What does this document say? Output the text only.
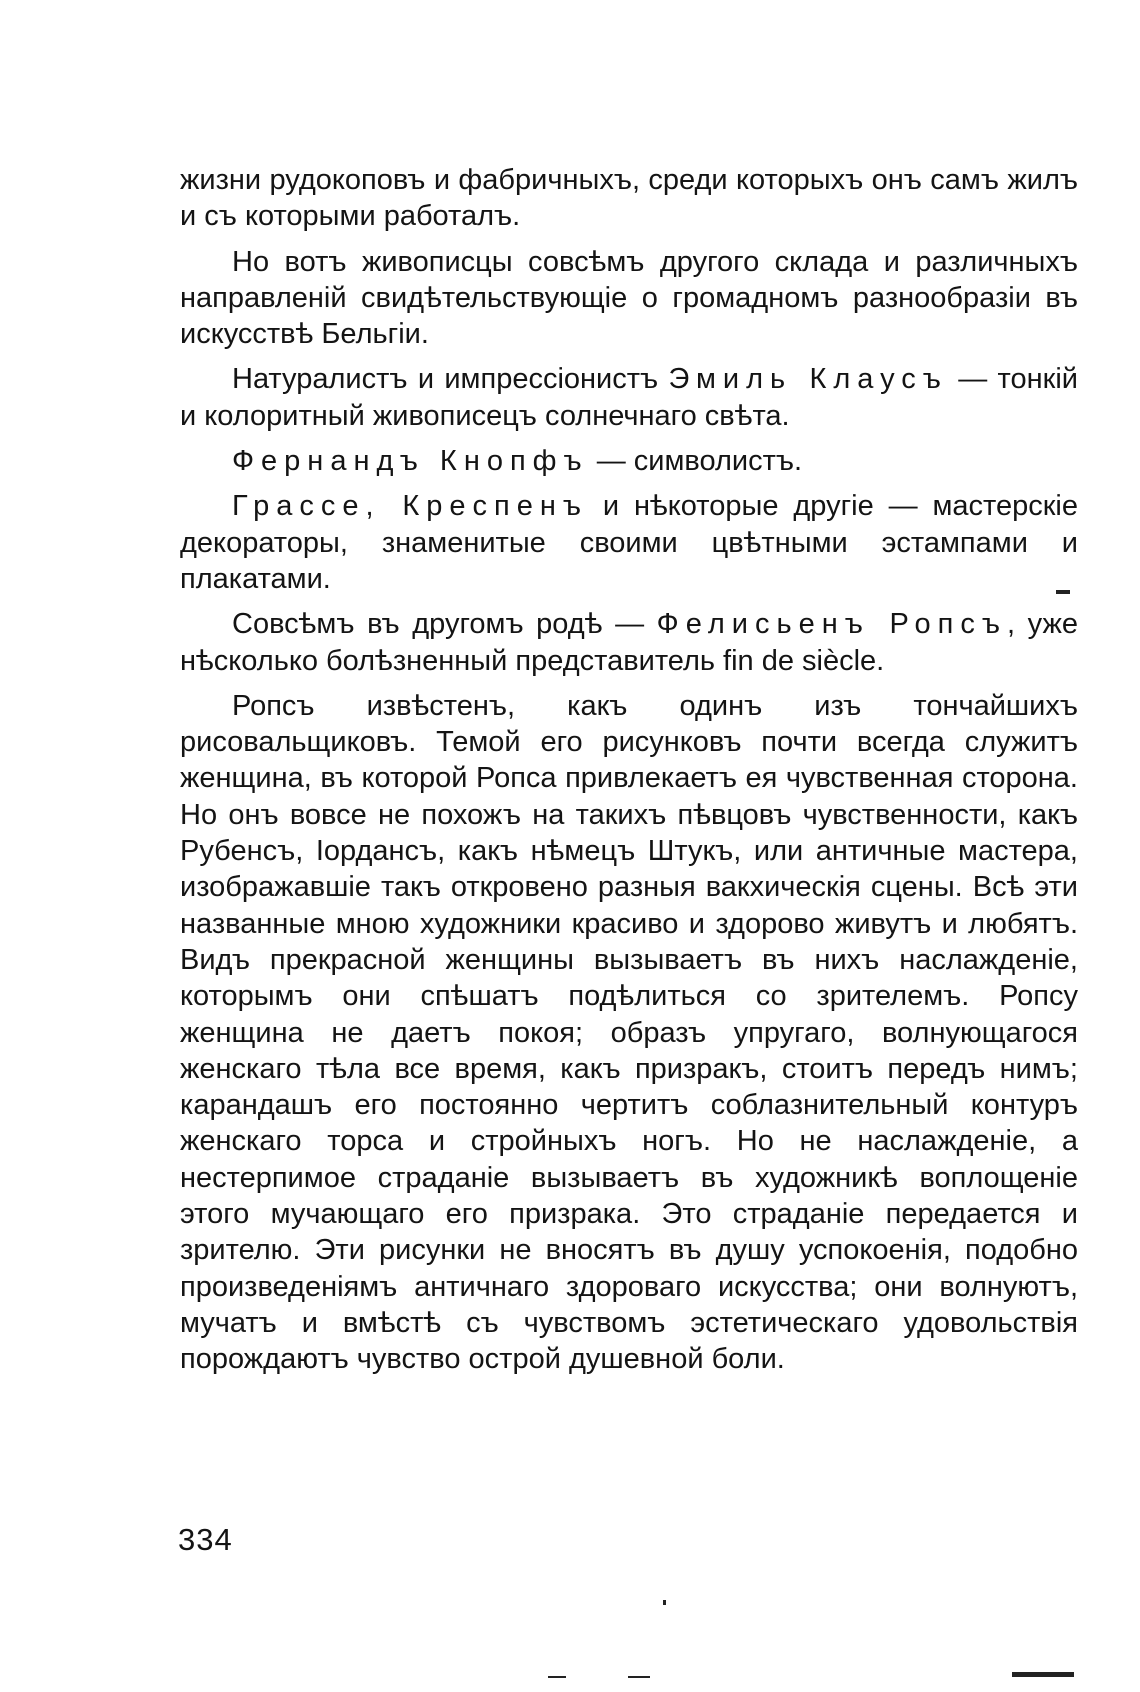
жизни рудокоповъ и фабричныхъ, среди которыхъ онъ самъ жилъ и съ которыми работалъ.

Но вотъ живописцы совсѣмъ другого склада и различныхъ направленій свидѣтельствующіе о громадномъ разнообразіи въ искусствѣ Бельгіи.

Натуралистъ и импрессіонистъ Эмиль Клаусъ — тонкій и колоритный живописецъ солнечнаго свѣта.

Фернандъ Кнопфъ — символистъ.

Грассе, Креспенъ и нѣкоторые другіе — мастерскіе декораторы, знаменитые своими цвѣтными эстампами и плакатами.

Совсѣмъ въ другомъ родѣ — Фелисьенъ Ропсъ, уже нѣсколько болѣзненный представитель fin de siècle.

Ропсъ извѣстенъ, какъ одинъ изъ тончайшихъ рисовальщиковъ. Темой его рисунковъ почти всегда служитъ женщина, въ которой Ропса привлекаетъ ея чувственная сторона. Но онъ вовсе не похожъ на такихъ пѣвцовъ чувственности, какъ Рубенсъ, Іордансъ, какъ нѣмецъ Штукъ, или античные мастера, изображавшіе такъ откровено разныя вакхическія сцены. Всѣ эти названные мною художники красиво и здорово живутъ и любятъ. Видъ прекрасной женщины вызываетъ въ нихъ наслажденіе, которымъ они спѣшатъ подѣлиться со зрителемъ. Ропсу женщина не даетъ покоя; образъ упругаго, волнующагося женскаго тѣла все время, какъ призракъ, стоитъ передъ нимъ; карандашъ его постоянно чертитъ соблазнительный контуръ женскаго торса и стройныхъ ногъ. Но не наслажденіе, а нестерпимое страданіе вызываетъ въ художникѣ воплощеніе этого мучающаго его призрака. Это страданіе передается и зрителю. Эти рисунки не вносятъ въ душу успокоенія, подобно произведеніямъ античнаго здороваго искусства; они волнуютъ, мучатъ и вмѣстѣ съ чувствомъ эстетическаго удовольствія порождаютъ чувство острой душевной боли.

334
